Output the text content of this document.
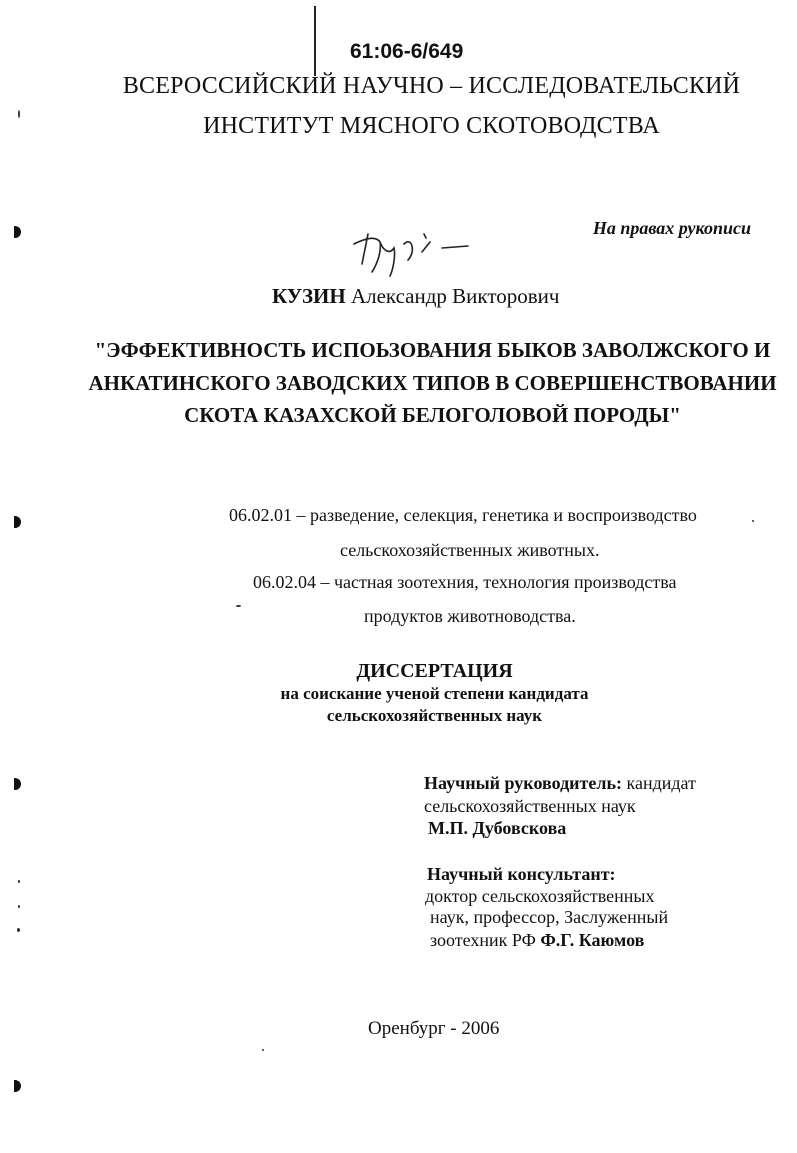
61:06-6/649
ВСЕРОССИЙСКИЙ НАУЧНО – ИССЛЕДОВАТЕЛЬСКИЙ
ИНСТИТУТ МЯСНОГО СКОТОВОДСТВА
На правах рукописи
КУЗИН Александр Викторович
"ЭФФЕКТИВНОСТЬ ИСПОЬЗОВАНИЯ БЫКОВ ЗАВОЛЖСКОГО И
АНКАТИНСКОГО ЗАВОДСКИХ ТИПОВ В СОВЕРШЕНСТВОВАНИИ
СКОТА КАЗАХСКОЙ БЕЛОГОЛОВОЙ ПОРОДЫ"
06.02.01 – разведение, селекция, генетика и воспроизводство
сельскохозяйственных животных.
06.02.04 – частная зоотехния, технология производства
продуктов животноводства.
ДИССЕРТАЦИЯ
на соискание ученой степени кандидата
сельскохозяйственных наук
Научный руководитель: кандидат
сельскохозяйственных наук
М.П. Дубовскова
Научный консультант:
доктор сельскохозяйственных
наук, профессор, Заслуженный
зоотехник РФ Ф.Г. Каюмов
Оренбург - 2006
